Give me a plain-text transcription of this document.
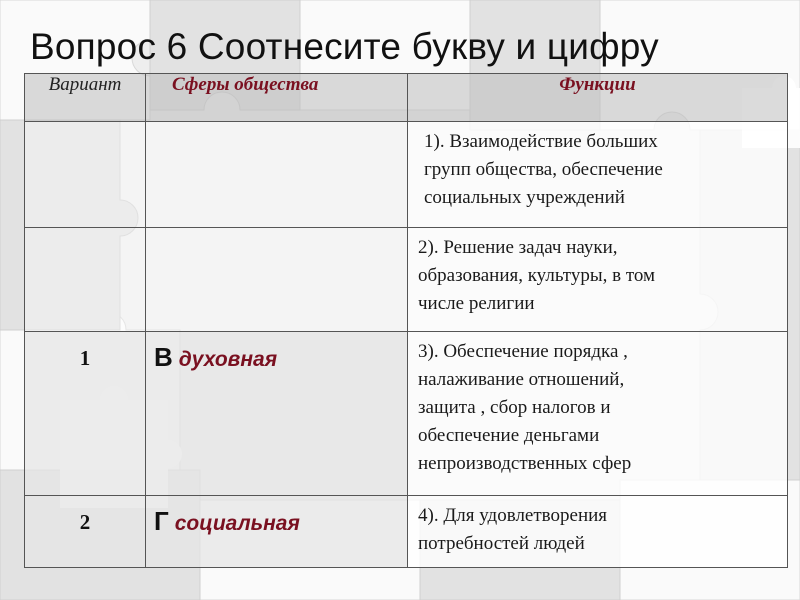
Вопрос 6 Соотнесите букву и цифру
Вариант	Сферы общества	Функции

		1). Взаимодействие больших
групп общества, обеспечение
социальных учреждений

		2). Решение задач науки,
образования, культуры, в том
числе религии

1	В духовная	3). Обеспечение порядка ,
налаживание отношений,
защита , сбор налогов и
обеспечение деньгами
непроизводственных сфер

2	Г социальная	4). Для удовлетворения
потребностей людей
